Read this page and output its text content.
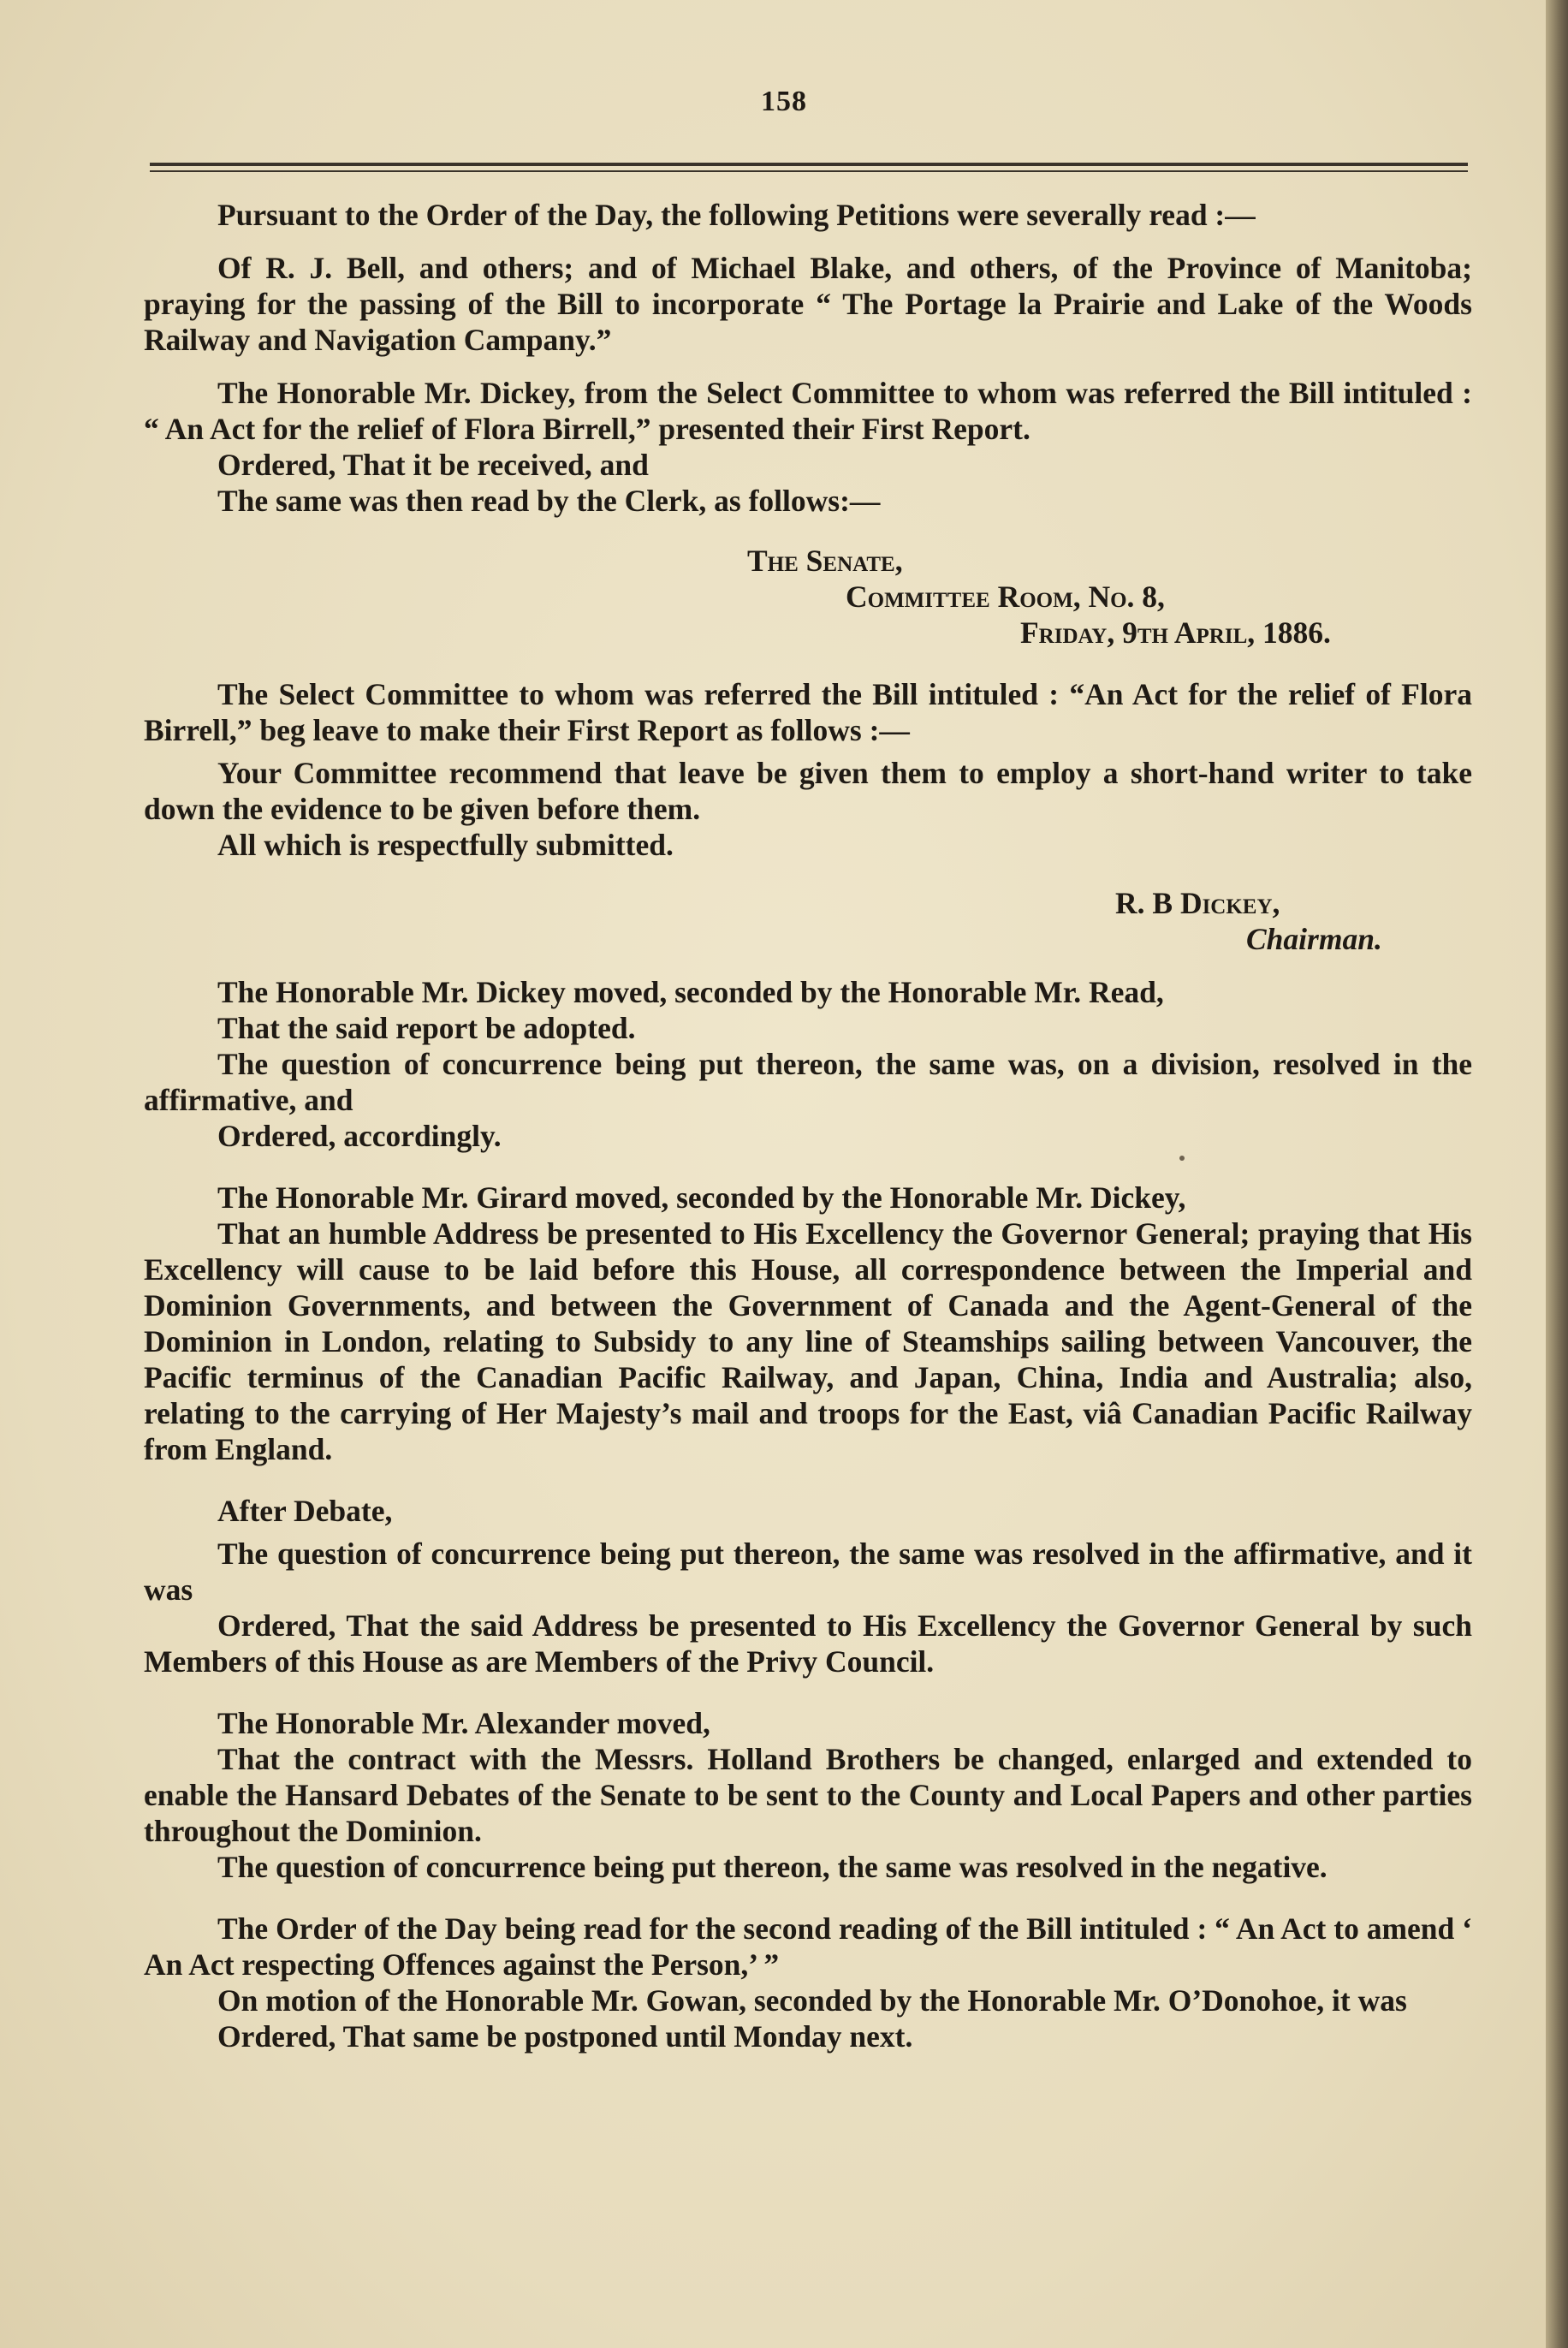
158

Pursuant to the Order of the Day, the following Petitions were severally read :—

Of R. J. Bell, and others; and of Michael Blake, and others, of the Province of Manitoba; praying for the passing of the Bill to incorporate “ The Portage la Prairie and Lake of the Woods Railway and Navigation Campany.”

The Honorable Mr. Dickey, from the Select Committee to whom was referred the Bill intituled : “ An Act for the relief of Flora Birrell,” presented their First Report.

Ordered, That it be received, and

The same was then read by the Clerk, as follows:—

The Senate,

Committee Room, No. 8,

Friday, 9th April, 1886.

The Select Committee to whom was referred the Bill intituled : “An Act for the relief of Flora Birrell,” beg leave to make their First Report as follows :—

Your Committee recommend that leave be given them to employ a short-hand writer to take down the evidence to be given before them.

All which is respectfully submitted.

R. B Dickey,

Chairman.

The Honorable Mr. Dickey moved, seconded by the Honorable Mr. Read,

That the said report be adopted.

The question of concurrence being put thereon, the same was, on a division, resolved in the affirmative, and

Ordered, accordingly.

The Honorable Mr. Girard moved, seconded by the Honorable Mr. Dickey,

That an humble Address be presented to His Excellency the Governor General; praying that His Excellency will cause to be laid before this House, all correspondence between the Imperial and Dominion Governments, and between the Government of Canada and the Agent-General of the Dominion in London, relating to Subsidy to any line of Steamships sailing between Vancouver, the Pacific terminus of the Canadian Pacific Railway, and Japan, China, India and Australia; also, relating to the carrying of Her Majesty’s mail and troops for the East, viâ Canadian Pacific Railway from England.

After Debate,

The question of concurrence being put thereon, the same was resolved in the affirmative, and it was

Ordered, That the said Address be presented to His Excellency the Governor General by such Members of this House as are Members of the Privy Council.

The Honorable Mr. Alexander moved,

That the contract with the Messrs. Holland Brothers be changed, enlarged and extended to enable the Hansard Debates of the Senate to be sent to the County and Local Papers and other parties throughout the Dominion.

The question of concurrence being put thereon, the same was resolved in the negative.

The Order of the Day being read for the second reading of the Bill intituled : “ An Act to amend ‘ An Act respecting Offences against the Person,’ ”

On motion of the Honorable Mr. Gowan, seconded by the Honorable Mr. O’Donohoe, it was

Ordered, That same be postponed until Monday next.
